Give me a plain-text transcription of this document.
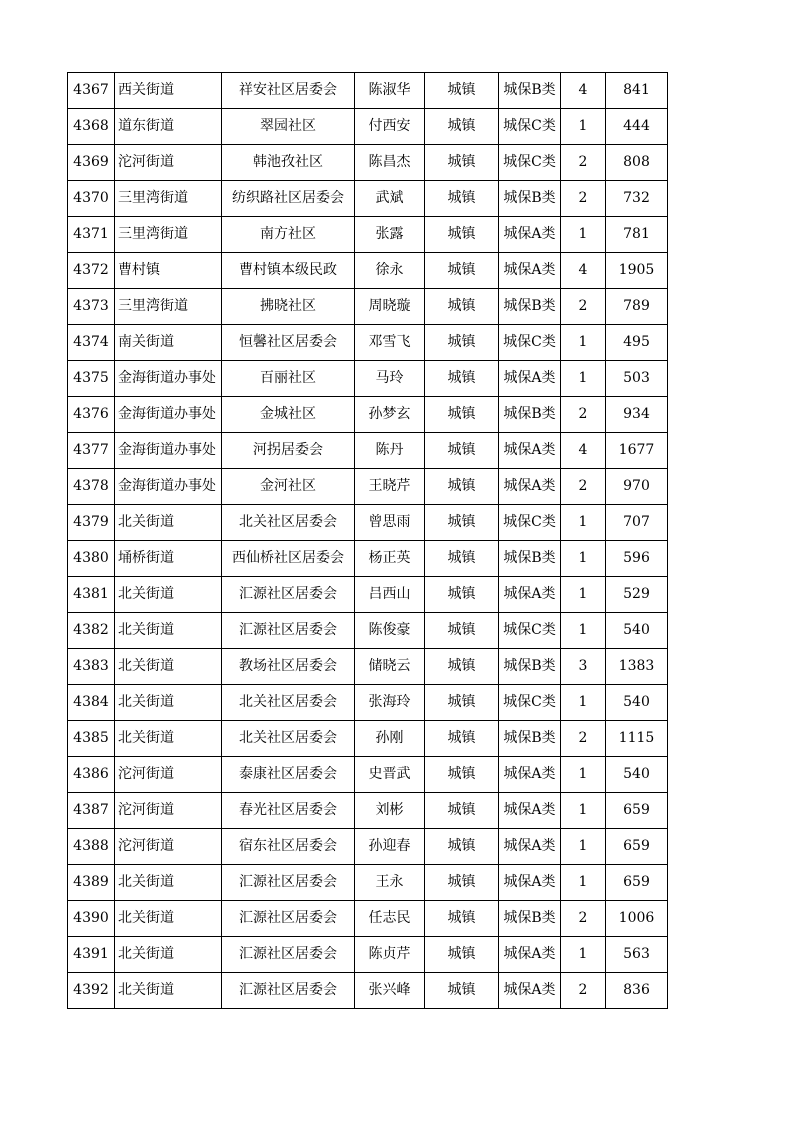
4367	西关街道	祥安社区居委会	陈淑华	城镇	城保B类	4	841
4368	道东街道	翠园社区	付西安	城镇	城保C类	1	444
4369	沱河街道	韩池孜社区	陈昌杰	城镇	城保C类	2	808
4370	三里湾街道	纺织路社区居委会	武斌	城镇	城保B类	2	732
4371	三里湾街道	南方社区	张露	城镇	城保A类	1	781
4372	曹村镇	曹村镇本级民政	徐永	城镇	城保A类	4	1905
4373	三里湾街道	拂晓社区	周晓璇	城镇	城保B类	2	789
4374	南关街道	恒馨社区居委会	邓雪飞	城镇	城保C类	1	495
4375	金海街道办事处	百丽社区	马玲	城镇	城保A类	1	503
4376	金海街道办事处	金城社区	孙梦玄	城镇	城保B类	2	934
4377	金海街道办事处	河拐居委会	陈丹	城镇	城保A类	4	1677
4378	金海街道办事处	金河社区	王晓芹	城镇	城保A类	2	970
4379	北关街道	北关社区居委会	曾思雨	城镇	城保C类	1	707
4380	埇桥街道	西仙桥社区居委会	杨正英	城镇	城保B类	1	596
4381	北关街道	汇源社区居委会	吕西山	城镇	城保A类	1	529
4382	北关街道	汇源社区居委会	陈俊豪	城镇	城保C类	1	540
4383	北关街道	教场社区居委会	储晓云	城镇	城保B类	3	1383
4384	北关街道	北关社区居委会	张海玲	城镇	城保C类	1	540
4385	北关街道	北关社区居委会	孙刚	城镇	城保B类	2	1115
4386	沱河街道	泰康社区居委会	史晋武	城镇	城保A类	1	540
4387	沱河街道	春光社区居委会	刘彬	城镇	城保A类	1	659
4388	沱河街道	宿东社区居委会	孙迎春	城镇	城保A类	1	659
4389	北关街道	汇源社区居委会	王永	城镇	城保A类	1	659
4390	北关街道	汇源社区居委会	任志民	城镇	城保B类	2	1006
4391	北关街道	汇源社区居委会	陈贞芹	城镇	城保A类	1	563
4392	北关街道	汇源社区居委会	张兴峰	城镇	城保A类	2	836
